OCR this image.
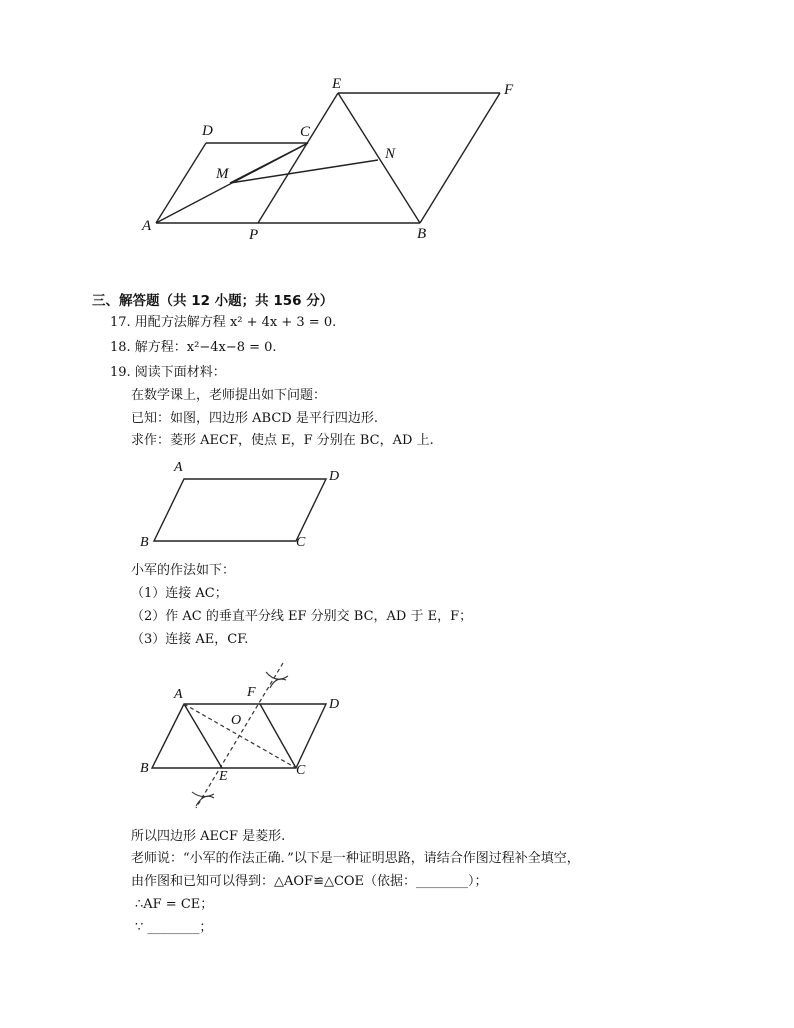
A
P	B
D	C
M
E	F
N
三、解答题（共 12 小题；共 156 分）
17. 用配方法解方程 x² + 4x + 3 = 0.
18. 解方程：x²−4x−8 = 0.
19. 阅读下面材料：
在数学课上，老师提出如下问题：
已知：如图，四边形 ABCD 是平行四边形.
求作：菱形 AECF，使点 E，F 分别在 BC，AD 上.
A
D
B	C
小军的作法如下：
（1）连接 AC；
（2）作 AC 的垂直平分线 EF 分别交 BC，AD 于 E，F；
（3）连接 AE，CF.
A	F
D
O
B
E	C
所以四边形 AECF 是菱形.
老师说：“小军的作法正确．”以下是一种证明思路，请结合作图过程补全填空，
由作图和已知可以得到：△AOF≌△COE（依据：________）；
∴AF = CE；
∵ ________；
